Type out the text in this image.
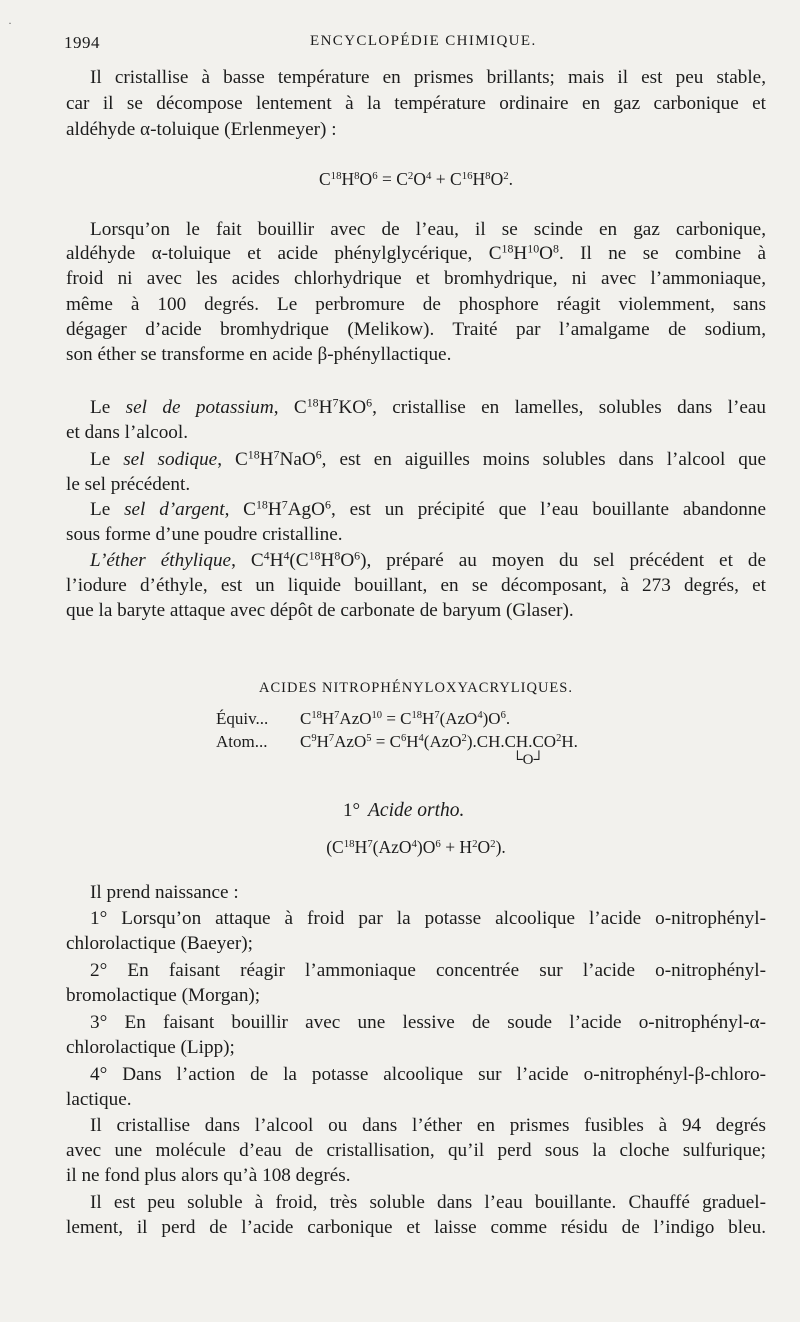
·
1994	ENCYCLOPÉDIE CHIMIQUE.
Il cristallise à basse température en prismes brillants; mais il est peu stable,
car il se décompose lentement à la température ordinaire en gaz carbonique et
aldéhyde α-toluique (Erlenmeyer) :
$C^{18}H^8O^6 = C^2O^4 + C^{16}H^8O^2$.
Lorsqu’on le fait bouillir avec de l’eau, il se scinde en gaz carbonique,
aldéhyde α-toluique et acide phénylglycérique, $C^{18}H^{10}O^8$. Il ne se combine à
froid ni avec les acides chlorhydrique et bromhydrique, ni avec l’ammoniaque,
même à 100 degrés. Le perbromure de phosphore réagit violemment, sans
dégager d’acide bromhydrique (Melikow). Traité par l’amalgame de sodium,
son éther se transforme en acide β-phényllactique.
Le sel de potassium, $C^{18}H^7KO^6$, cristallise en lamelles, solubles dans l’eau
et dans l’alcool.
Le sel sodique, $C^{18}H^7NaO^6$, est en aiguilles moins solubles dans l’alcool que
le sel précédent.
Le sel d’argent, $C^{18}H^7AgO^6$, est un précipité que l’eau bouillante abandonne
sous forme d’une poudre cristalline.
L’éther éthylique, $C^4H^4(C^{18}H^8O^6)$, préparé au moyen du sel précédent et de
l’iodure d’éthyle, est un liquide bouillant, en se décomposant, à 273 degrés, et
que la baryte attaque avec dépôt de carbonate de baryum (Glaser).
ACIDES NITROPHÉNYLOXYACRYLIQUES.
Équiv... $C^{18}H^7AzO^{10} = C^{18}H^7(AzO^4)O^6$.
Atom... $C^9H^7AzO^5 = C^6H^4(AzO^2).CH.CH.CO^2H$.
└O┘
1° Acide ortho.
$(C^{18}H^7(AzO^4)O^6 + H^2O^2)$.
Il prend naissance :
1° Lorsqu’on attaque à froid par la potasse alcoolique l’acide o-nitrophényl-
chlorolactique (Baeyer);
2° En faisant réagir l’ammoniaque concentrée sur l’acide o-nitrophényl-
bromolactique (Morgan);
3° En faisant bouillir avec une lessive de soude l’acide o-nitrophényl-α-
chlorolactique (Lipp);
4° Dans l’action de la potasse alcoolique sur l’acide o-nitrophényl-β-chloro-
lactique.
Il cristallise dans l’alcool ou dans l’éther en prismes fusibles à 94 degrés
avec une molécule d’eau de cristallisation, qu’il perd sous la cloche sulfurique;
il ne fond plus alors qu’à 108 degrés.
Il est peu soluble à froid, très soluble dans l’eau bouillante. Chauffé graduel-
lement, il perd de l’acide carbonique et laisse comme résidu de l’indigo bleu.
